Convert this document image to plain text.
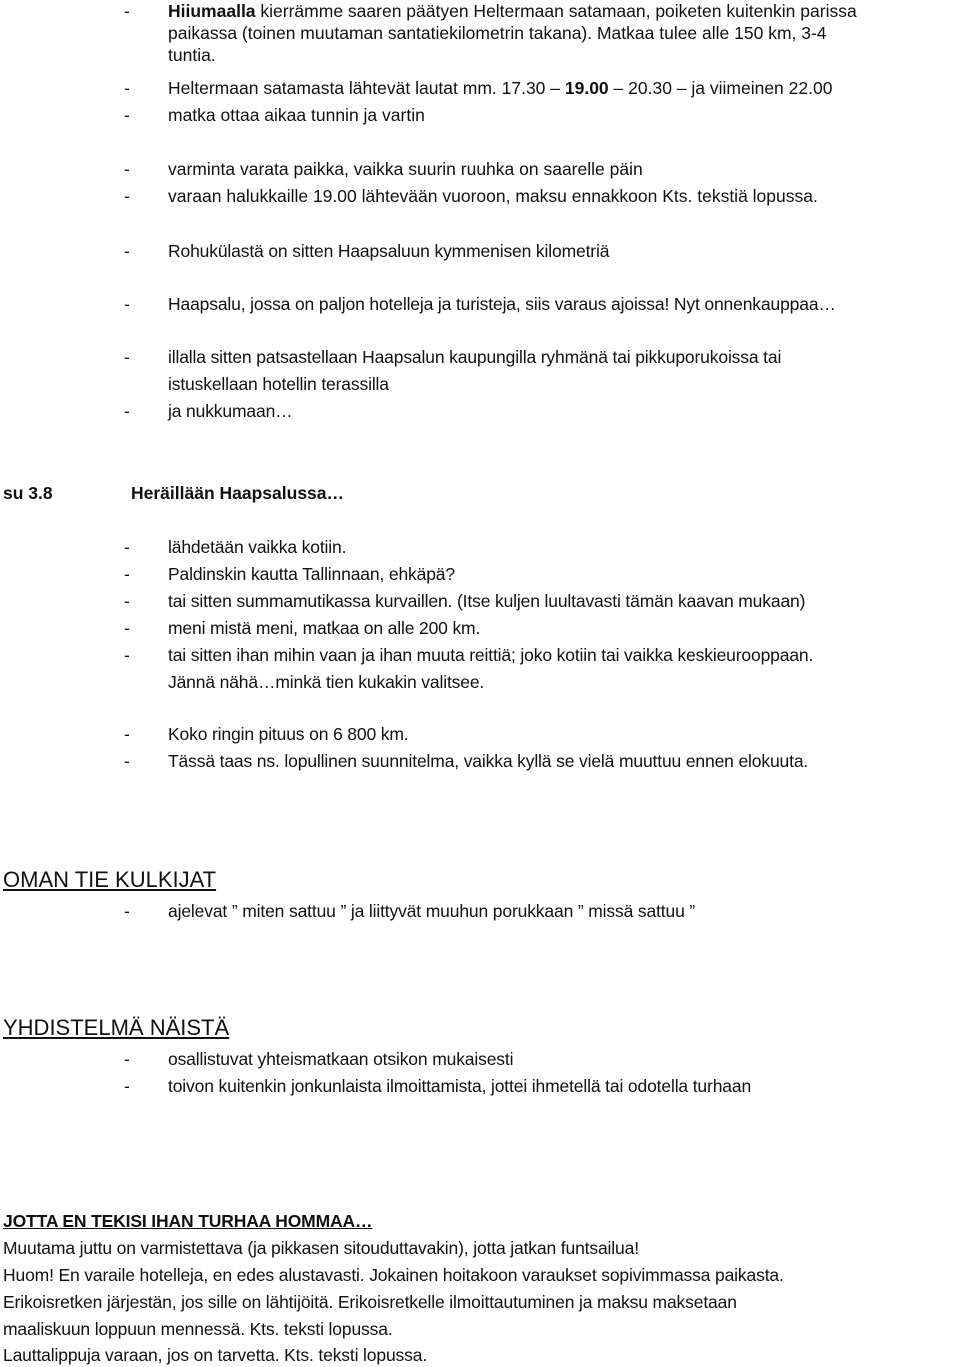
- Hiiumaalla kierrämme saaren päätyen Heltermaan satamaan, poiketen kuitenkin parissa
paikassa (toinen muutaman santatiekilometrin takana). Matkaa tulee alle 150 km, 3-4
tuntia.
- Heltermaan satamasta lähtevät lautat mm. 17.30 – 19.00 – 20.30 – ja viimeinen 22.00
- matka ottaa aikaa tunnin ja vartin
- varminta varata paikka, vaikka suurin ruuhka on saarelle päin
- varaan halukkaille 19.00 lähtevään vuoroon, maksu ennakkoon Kts. tekstiä lopussa.
- Rohukülastä on sitten Haapsaluun kymmenisen kilometriä
- Haapsalu, jossa on paljon hotelleja ja turisteja, siis varaus ajoissa! Nyt onnenkauppaa…
- illalla sitten patsastellaan Haapsalun kaupungilla ryhmänä tai pikkuporukoissa tai
istuskellaan hotellin terassilla
- ja nukkumaan…
su 3.8	Heräillään Haapsalussa…
- lähdetään vaikka kotiin.
- Paldinskin kautta Tallinnaan, ehkäpä?
- tai sitten summamutikassa kurvaillen. (Itse kuljen luultavasti tämän kaavan mukaan)
- meni mistä meni, matkaa on alle 200 km.
- tai sitten ihan mihin vaan ja ihan muuta reittiä; joko kotiin tai vaikka keskieurooppaan.
Jännä nähä…minkä tien kukakin valitsee.
- Koko ringin pituus on 6 800 km.
- Tässä taas ns. lopullinen suunnitelma, vaikka kyllä se vielä muuttuu ennen elokuuta.
OMAN TIE KULKIJAT
- ajelevat ” miten sattuu ” ja liittyvät muuhun porukkaan ” missä sattuu ”
YHDISTELMÄ NÄISTÄ
- osallistuvat yhteismatkaan otsikon mukaisesti
- toivon kuitenkin jonkunlaista ilmoittamista, jottei ihmetellä tai odotella turhaan
JOTTA EN TEKISI IHAN TURHAA HOMMAA…
Muutama juttu on varmistettava (ja pikkasen sitouduttavakin), jotta jatkan funtsailua!
Huom! En varaile hotelleja, en edes alustavasti. Jokainen hoitakoon varaukset sopivimmassa paikasta.
Erikoisretken järjestän, jos sille on lähtijöitä. Erikoisretkelle ilmoittautuminen ja maksu maksetaan
maaliskuun loppuun mennessä. Kts. teksti lopussa.
Lauttalippuja varaan, jos on tarvetta. Kts. teksti lopussa.
